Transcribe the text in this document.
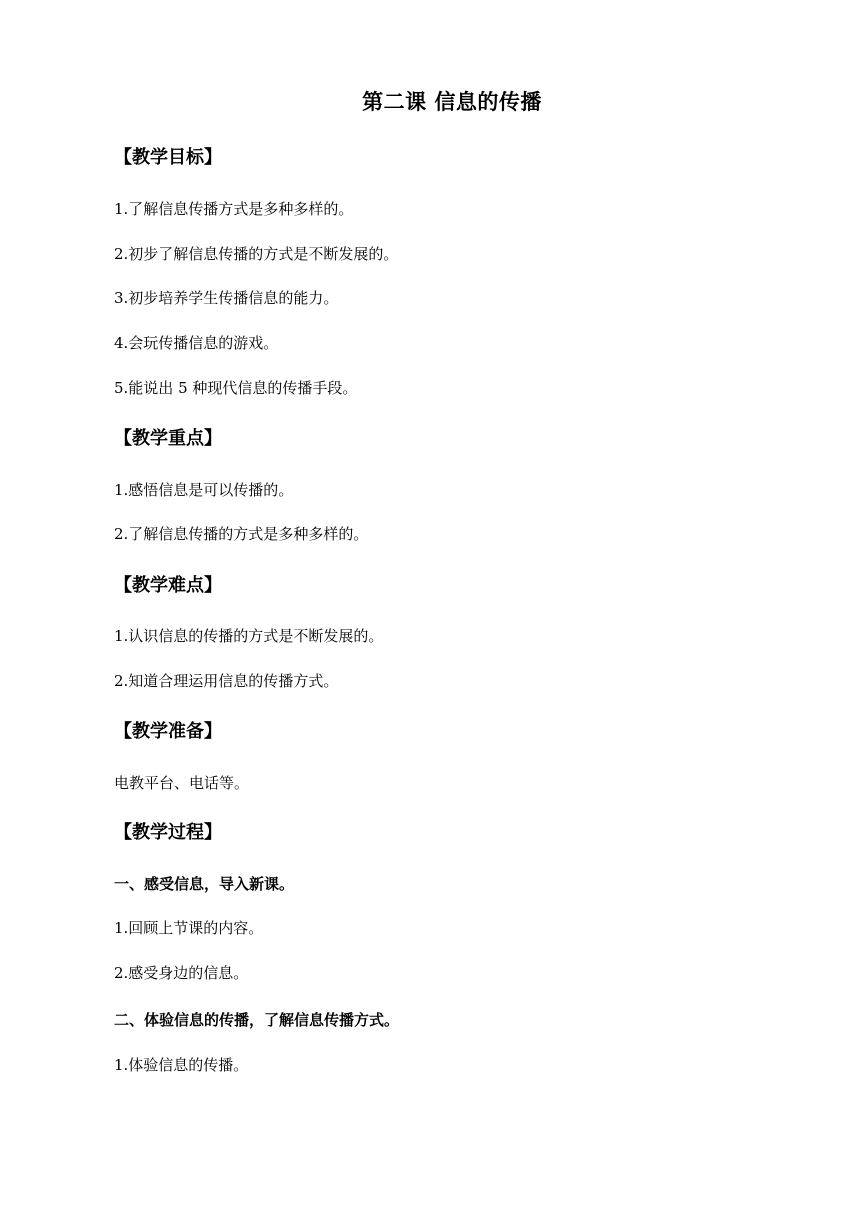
第二课 信息的传播
【教学目标】
1.了解信息传播方式是多种多样的。
2.初步了解信息传播的方式是不断发展的。
3.初步培养学生传播信息的能力。
4.会玩传播信息的游戏。
5.能说出 5 种现代信息的传播手段。
【教学重点】
1.感悟信息是可以传播的。
2.了解信息传播的方式是多种多样的。
【教学难点】
1.认识信息的传播的方式是不断发展的。
2.知道合理运用信息的传播方式。
【教学准备】
电教平台、电话等。
【教学过程】
一、感受信息，导入新课。
1.回顾上节课的内容。
2.感受身边的信息。
二、体验信息的传播，了解信息传播方式。
1.体验信息的传播。
